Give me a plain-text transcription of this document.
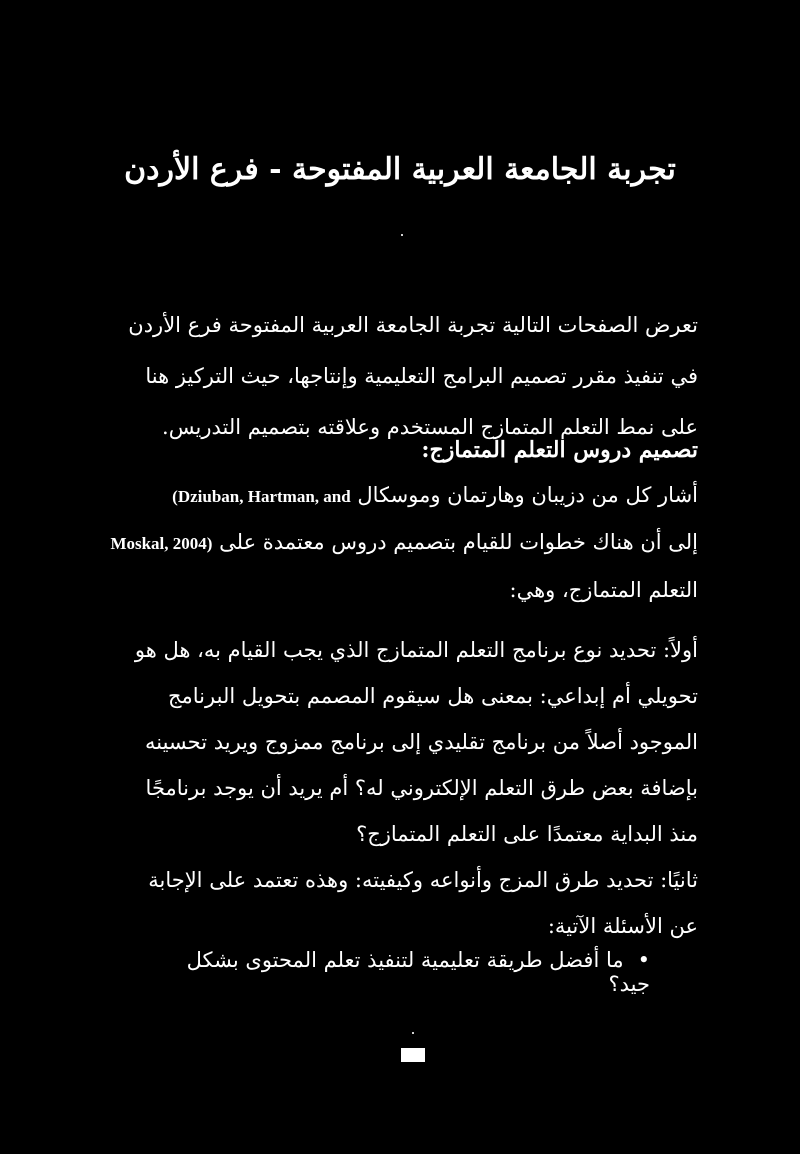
تجربة الجامعة العربية المفتوحة - فرع الأردن
تعرض الصفحات التالية تجربة الجامعة العربية المفتوحة فرع الأردن في تنفيذ مقرر تصميم البرامج التعليمية وإنتاجها، حيث التركيز هنا على نمط التعلم المتمازج المستخدم وعلاقته بتصميم التدريس.
تصميم دروس التعلم المتمازج:
أشار كل من دزيبان وهارتمان وموسكال (Dziuban, Hartman, and
إلى أن هناك خطوات للقيام بتصميم دروس معتمدة على Moskal, 2004)
التعلم المتمازج، وهي:
أولاً: تحديد نوع برنامج التعلم المتمازج الذي يجب القيام به، هل هو تحويلي أم إبداعي: بمعنى هل سيقوم المصمم بتحويل البرنامج الموجود أصلاً من برنامج تقليدي إلى برنامج ممزوج ويريد تحسينه بإضافة بعض طرق التعلم الإلكتروني له؟ أم يريد أن يوجد برنامجًا منذ البداية معتمدًا على التعلم المتمازج؟
ثانيًا: تحديد طرق المزج وأنواعه وكيفيته: وهذه تعتمد على الإجابة عن الأسئلة الآتية:
•ما أفضل طريقة تعليمية لتنفيذ تعلم المحتوى بشكل جيد؟
